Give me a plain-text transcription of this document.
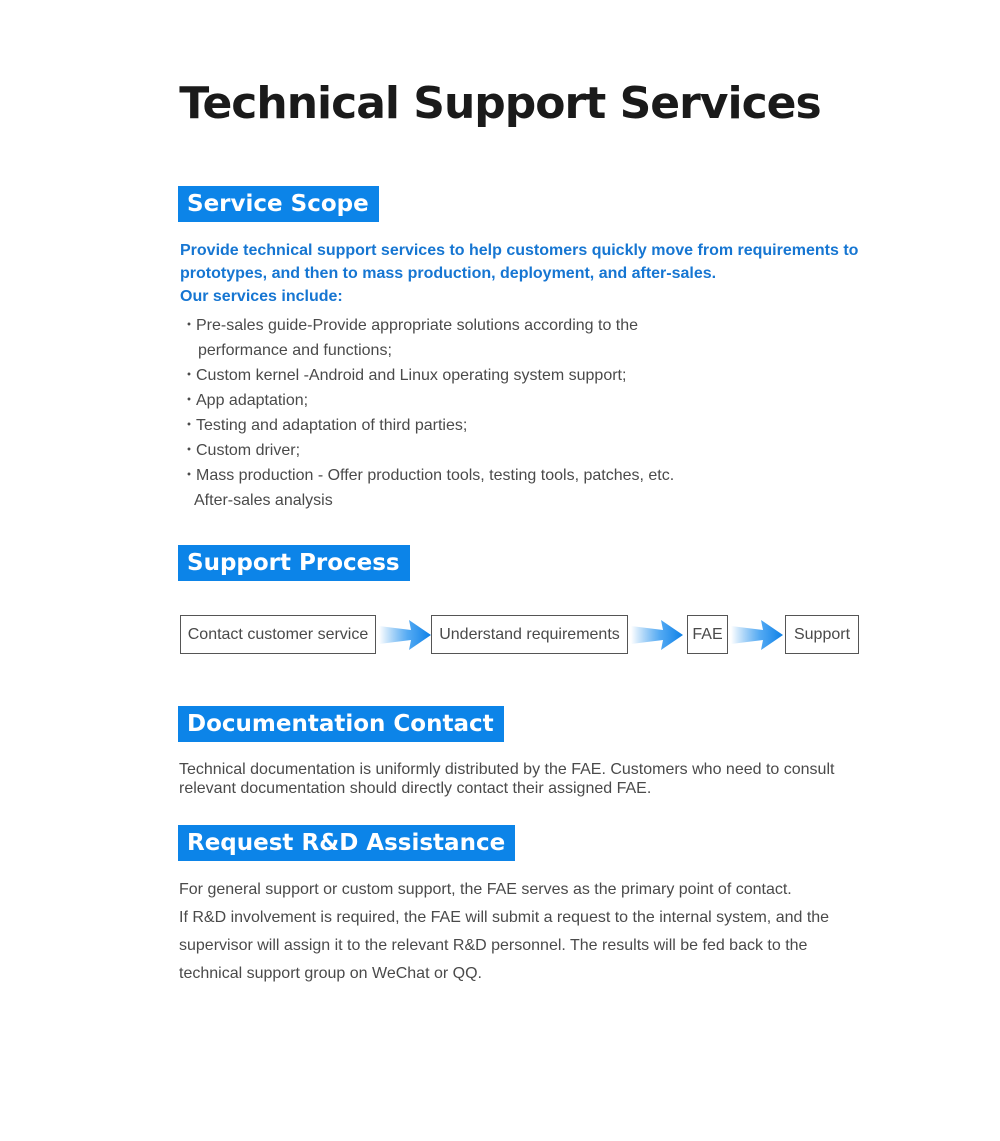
Technical Support Services
Service Scope

Provide technical support services to help customers quickly move from requirements to prototypes, and then to mass production, deployment, and after-sales.

Our services include:

・
Pre-sales guide-Provide appropriate solutions according to the
performance and functions;
・
Custom kernel -Android and Linux operating system support;
・
App adaptation;
・
Testing and adaptation of third parties;
・
Custom driver;
・
Mass production - Offer production tools, testing tools, patches, etc.
After-sales analysis
Support Process
Contact customer service	Understand requirements	FAE	Support
Documentation Contact

Technical documentation is uniformly distributed by the FAE. Customers who need to consult relevant documentation should directly contact their assigned FAE.

Request R&D Assistance

For general support or custom support, the FAE serves as the primary point of contact.

If R&D involvement is required, the FAE will submit a request to the internal system, and the supervisor will assign it to the relevant R&D personnel. The results will be fed back to the technical support group on WeChat or QQ.
